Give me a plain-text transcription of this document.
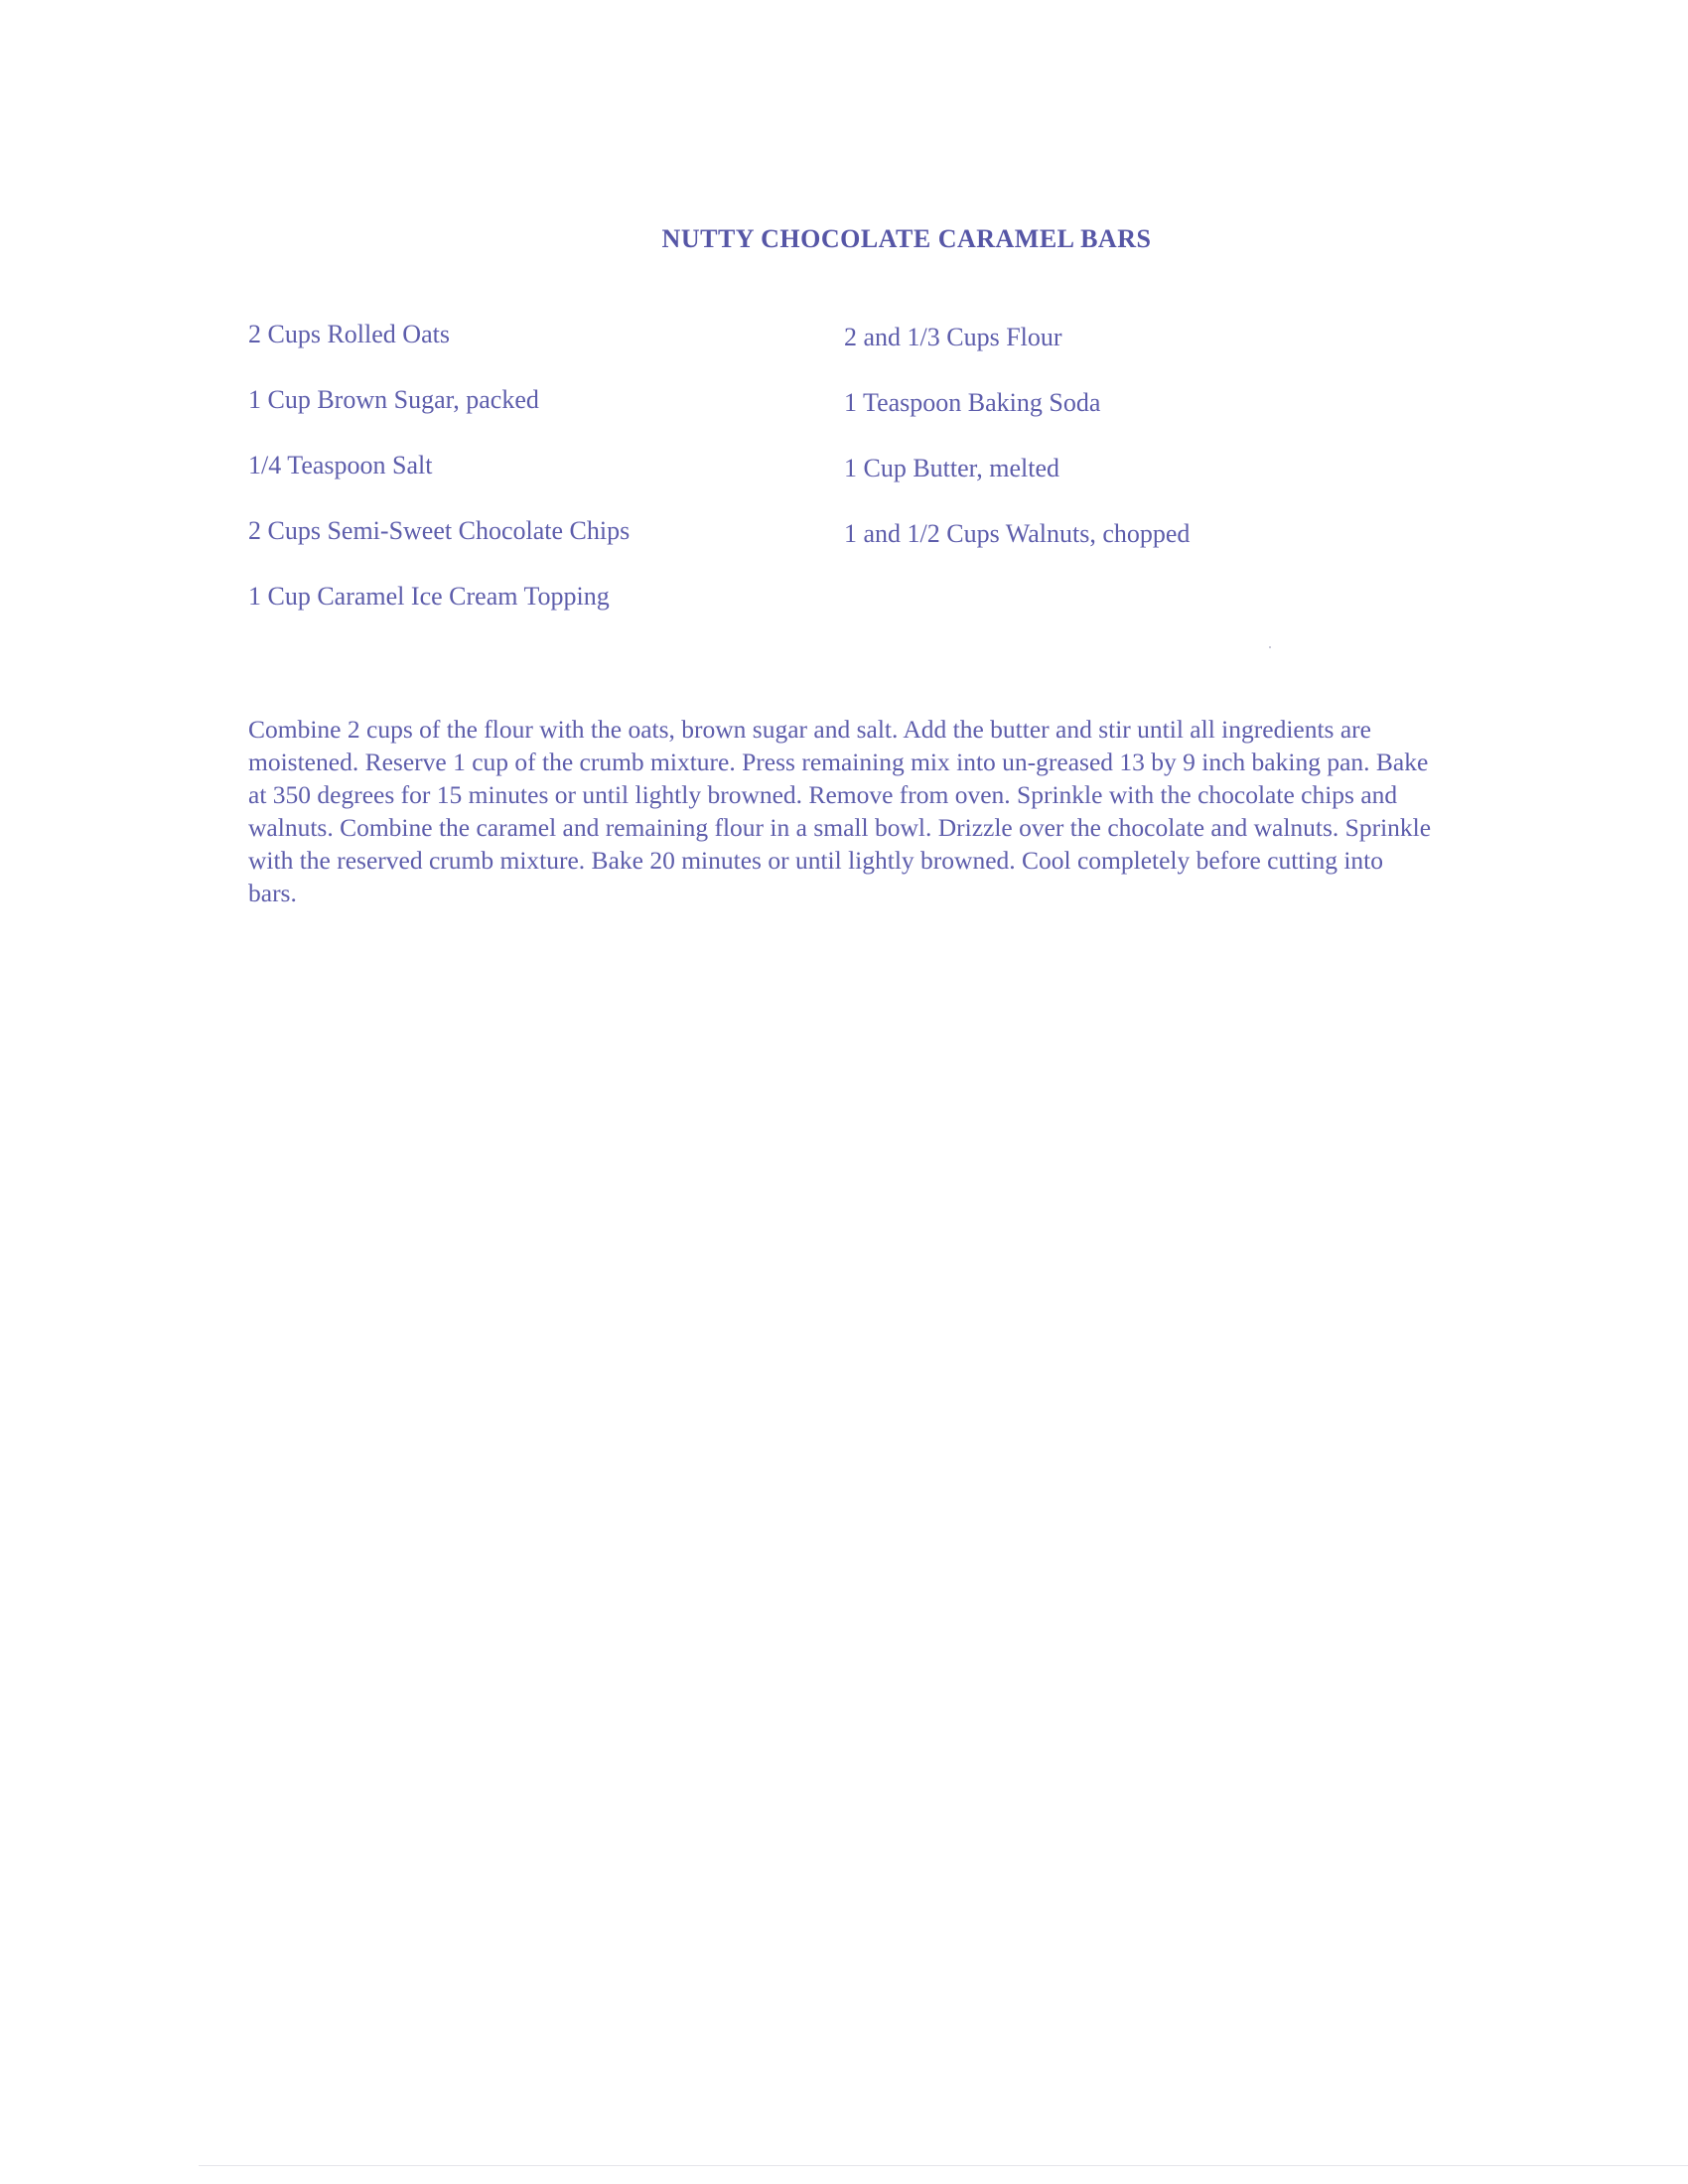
NUTTY CHOCOLATE CARAMEL BARS
2 Cups Rolled Oats
1 Cup Brown Sugar, packed
1/4 Teaspoon Salt
2 Cups Semi-Sweet Chocolate Chips
1 Cup Caramel Ice Cream Topping
2 and 1/3 Cups Flour
1 Teaspoon Baking Soda
1 Cup Butter, melted
1 and 1/2 Cups Walnuts, chopped
Combine 2 cups of the flour with the oats, brown sugar and salt. Add the butter and stir until all ingredients are moistened. Reserve 1 cup of the crumb mixture. Press remaining mix into un-greased 13 by 9 inch baking pan. Bake at 350 degrees for 15 minutes or until lightly browned. Remove from oven. Sprinkle with the chocolate chips and walnuts. Combine the caramel and remaining flour in a small bowl. Drizzle over the chocolate and walnuts. Sprinkle with the reserved crumb mixture. Bake 20 minutes or until lightly browned. Cool completely before cutting into bars.
